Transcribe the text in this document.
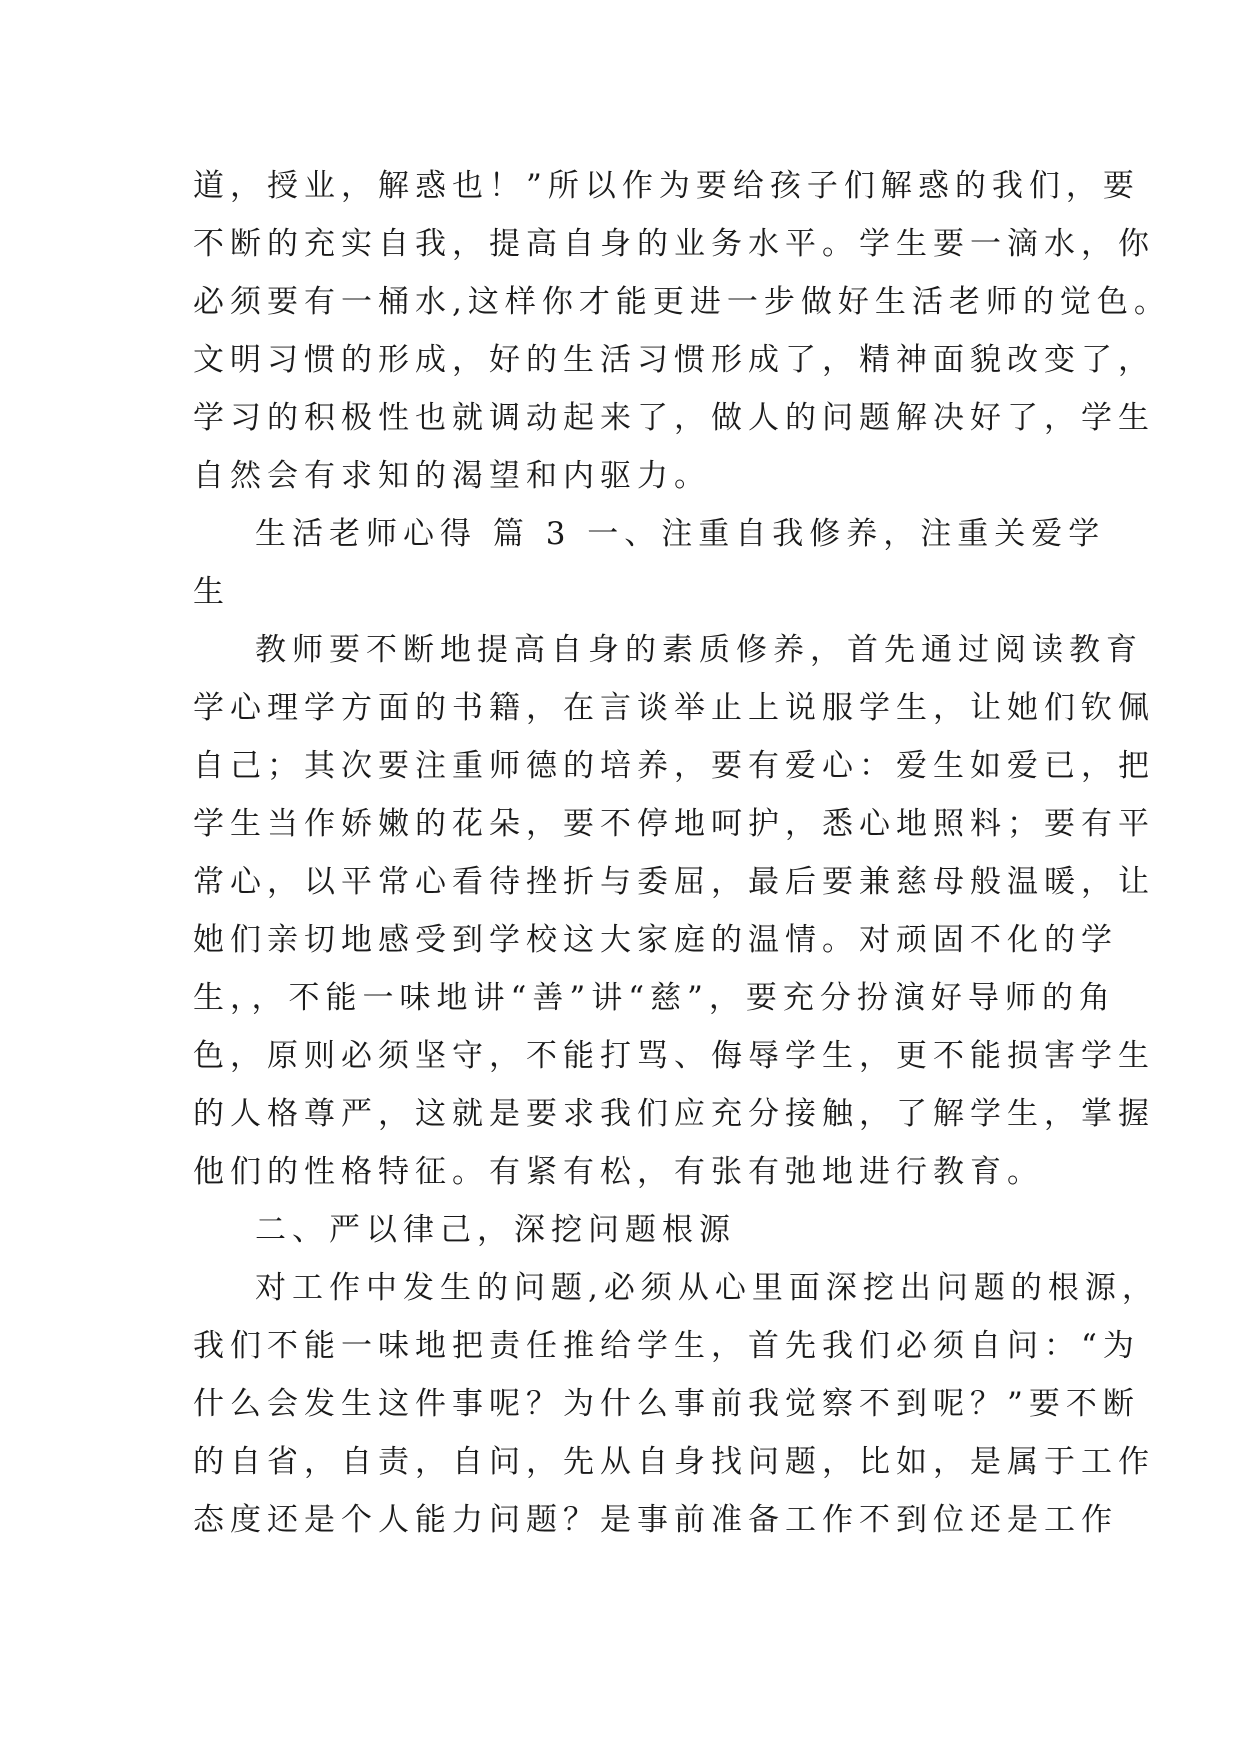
道，授业，解惑也！”所以作为要给孩子们解惑的我们，要
不断的充实自我，提高自身的业务水平。学生要一滴水，你
必须要有一桶水,这样你才能更进一步做好生活老师的觉色。
文明习惯的形成，好的生活习惯形成了，精神面貌改变了，
学习的积极性也就调动起来了，做人的问题解决好了，学生
自然会有求知的渴望和内驱力。
生活老师心得 篇 3 一、注重自我修养，注重关爱学
生
教师要不断地提高自身的素质修养，首先通过阅读教育
学心理学方面的书籍，在言谈举止上说服学生，让她们钦佩
自己；其次要注重师德的培养，要有爱心：爱生如爱已，把
学生当作娇嫩的花朵，要不停地呵护，悉心地照料；要有平
常心，以平常心看待挫折与委屈，最后要兼慈母般温暖，让
她们亲切地感受到学校这大家庭的温情。对顽固不化的学
生，，不能一味地讲“善”讲“慈”，要充分扮演好导师的角
色，原则必须坚守，不能打骂、侮辱学生，更不能损害学生
的人格尊严，这就是要求我们应充分接触，了解学生，掌握
他们的性格特征。有紧有松，有张有弛地进行教育。
二、严以律己，深挖问题根源
对工作中发生的问题,必须从心里面深挖出问题的根源，
我们不能一味地把责任推给学生，首先我们必须自问：“为
什么会发生这件事呢？为什么事前我觉察不到呢？”要不断
的自省，自责，自问，先从自身找问题，比如，是属于工作
态度还是个人能力问题？是事前准备工作不到位还是工作
